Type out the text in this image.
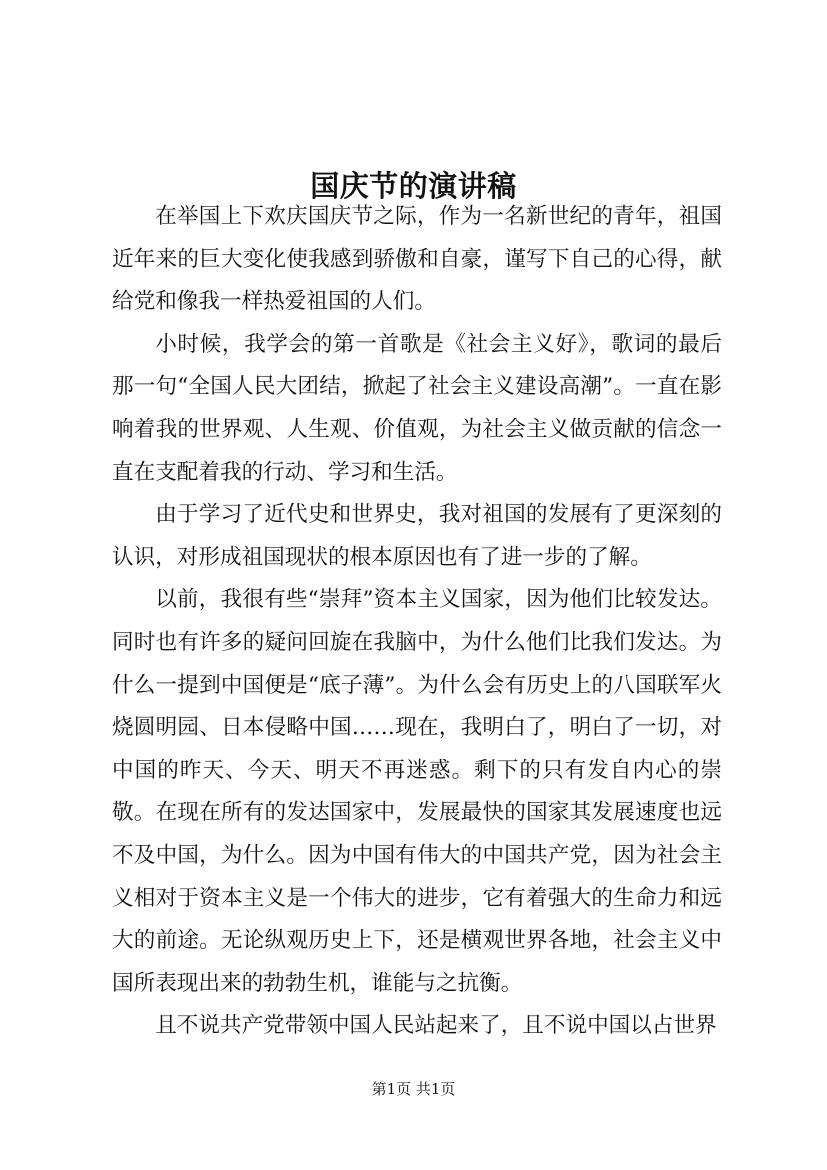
国庆节的演讲稿

在举国上下欢庆国庆节之际，作为一名新世纪的青年，祖国近年来的巨大变化使我感到骄傲和自豪，谨写下自己的心得，献给党和像我一样热爱祖国的人们。

小时候，我学会的第一首歌是《社会主义好》，歌词的最后那一句“全国人民大团结，掀起了社会主义建设高潮”。一直在影响着我的世界观、人生观、价值观，为社会主义做贡献的信念一直在支配着我的行动、学习和生活。

由于学习了近代史和世界史，我对祖国的发展有了更深刻的认识，对形成祖国现状的根本原因也有了进一步的了解。

以前，我很有些“崇拜”资本主义国家，因为他们比较发达。同时也有许多的疑问回旋在我脑中，为什么他们比我们发达。为什么一提到中国便是“底子薄”。为什么会有历史上的八国联军火烧圆明园、日本侵略中国……现在，我明白了，明白了一切，对中国的昨天、今天、明天不再迷惑。剩下的只有发自内心的崇敬。在现在所有的发达国家中，发展最快的国家其发展速度也远不及中国，为什么。因为中国有伟大的中国共产党，因为社会主义相对于资本主义是一个伟大的进步，它有着强大的生命力和远大的前途。无论纵观历史上下，还是横观世界各地，社会主义中国所表现出来的勃勃生机，谁能与之抗衡。

且不说共产党带领中国人民站起来了，且不说中国以占世界

第1页 共1页
